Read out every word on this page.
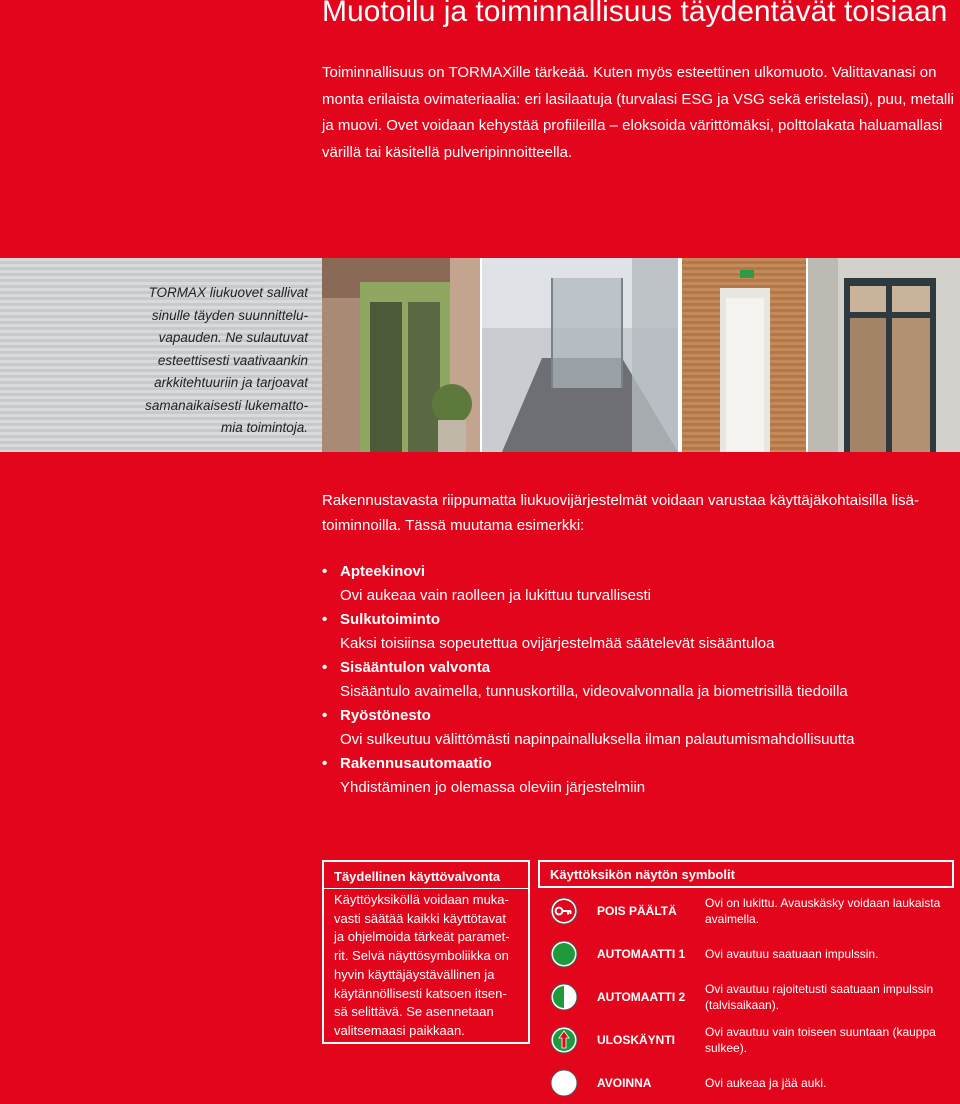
Muotoilu ja toiminnallisuus täydentävät toisiaan
Toiminnallisuus on TORMAXille tärkeää. Kuten myös esteettinen ulkomuoto. Valittavanasi on monta erilaista ovimateriaalia: eri lasilaatuja (turvalasi ESG ja VSG sekä eristelasi), puu, metalli ja muovi. Ovet voidaan kehystää profiileilla – eloksoida värittömäksi, polttolakata haluamallasi värillä tai käsitellä pulveripinnoitteella.
TORMAX liukuovet sallivat sinulle täyden suunnittelu-vapauden. Ne sulautuvat esteettisesti vaativaankin arkkitehtuuriin ja tarjoavat samanaikaisesti lukematto-mia toimintoja.
Rakennustavasta riippumatta liukuovijärjestelmät voidaan varustaa käyttäjäkohtaisilla lisä-toiminnoilla. Tässä muutama esimerkki:
• Apteekinovi
Ovi aukeaa vain raolleen ja lukittuu turvallisesti
• Sulkutoiminto
Kaksi toisiinsa sopeutettua ovijärjestelmää säätelevät sisääntuloa
• Sisääntulon valvonta
Sisääntulo avaimella, tunnuskortilla, videovalvonnalla ja biometrisillä tiedoilla
• Ryöstönesto
Ovi sulkeutuu välittömästi napinpainalluksella ilman palautumismahdollisuutta
• Rakennusautomaatio
Yhdistäminen jo olemassa oleviin järjestelmiin
Täydellinen käyttövalvonta
Käyttöyksiköllä voidaan muka-vasti säätää kaikki käyttötavat ja ohjelmoida tärkeät paramet-rit. Selvä näyttösymboliikka on hyvin käyttäjäystävällinen ja käytännöllisesti katsoen itsen-sä selittävä. Se asennetaan valitsemaasi paikkaan.
Käyttöksikön näytön symbolit
POIS PÄÄLTÄ
Ovi on lukittu. Avauskäsky voidaan laukaista avaimella.
AUTOMAATTI 1	Ovi avautuu saatuaan impulssin.
AUTOMAATTI 2
Ovi avautuu rajoitetusti saatuaan impulssin (talvisaikaan).
ULOSKÄYNTI
Ovi avautuu vain toiseen suuntaan (kauppa sulkee).
AVOINNA	Ovi aukeaa ja jää auki.
